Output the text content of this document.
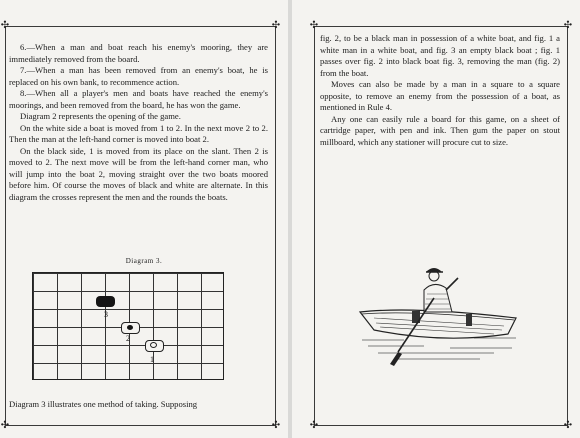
✣	✣
✣	✣

6.—When a man and boat reach his enemy's mooring, they are immediately removed from the board.

7.—When a man has been removed from an enemy's boat, he is replaced on his own bank, to recommence action.

8.—When all a player's men and boats have reached the enemy's moorings, and been removed from the board, he has won the game.

Diagram 2 represents the opening of the game.

On the white side a boat is moved from 1 to 2. In the next move 2 to 2. Then the man at the left-hand corner is moved into boat 2.

On the black side, 1 is moved from its place on the slant. Then 2 is moved to 2. The next move will be from the left-hand corner man, who will jump into the boat 2, moving straight over the two boats moored before him. Of course the moves of black and white are alternate. In this diagram the crosses represent the men and the rounds the boats.

Diagram 3.
3
2
1
Diagram 3 illustrates one method of taking. Supposing
✣	✣
✣	✣

fig. 2, to be a black man in possession of a white boat, and fig. 1 a white man in a white boat, and fig. 3 an empty black boat ; fig. 1 passes over fig. 2 into black boat fig. 3, removing the man (fig. 2) from the boat.

Moves can also be made by a man in a square to a square opposite, to remove an enemy from the possession of a boat, as mentioned in Rule 4.

Any one can easily rule a board for this game, on a sheet of cartridge paper, with pen and ink. Then gum the paper on stout millboard, which any stationer will procure cut to size.
